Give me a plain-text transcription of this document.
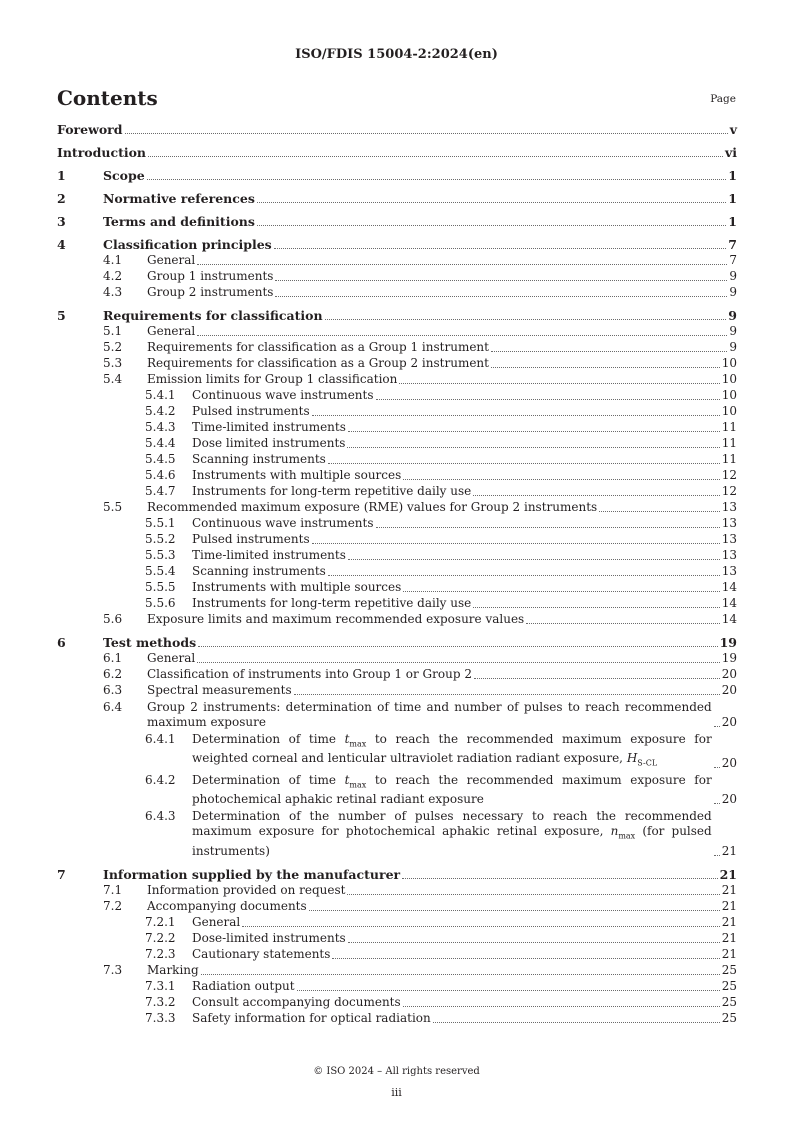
ISO/FDIS 15004-2:2024(en)
Contents	Page
Foreword	v
Introduction	vi
1	Scope	1
2	Normative references	1
3	Terms and definitions	1
4	Classification principles	7
4.1 General	7
4.2 Group 1 instruments	9
4.3 Group 2 instruments	9
5	Requirements for classification	9
5.1 General	9
5.2 Requirements for classification as a Group 1 instrument	9
5.3 Requirements for classification as a Group 2 instrument	10
5.4 Emission limits for Group 1 classification	10
5.4.1 Continuous wave instruments	10
5.4.2 Pulsed instruments	10
5.4.3 Time-limited instruments	11
5.4.4 Dose limited instruments	11
5.4.5 Scanning instruments	11
5.4.6 Instruments with multiple sources	12
5.4.7 Instruments for long-term repetitive daily use	12
5.5 Recommended maximum exposure (RME) values for Group 2 instruments	13
5.5.1 Continuous wave instruments	13
5.5.2 Pulsed instruments	13
5.5.3 Time-limited instruments	13
5.5.4 Scanning instruments	13
5.5.5 Instruments with multiple sources	14
5.5.6 Instruments for long-term repetitive daily use	14
5.6 Exposure limits and maximum recommended exposure values	14
6	Test methods	19
6.1 General	19
6.2 Classification of instruments into Group 1 or Group 2	20
6.3 Spectral measurements	20
6.4 Group 2 instruments: determination of time and number of pulses to reach recommended maximum exposure	20
6.4.1 Determination of time $t_{max}$ to reach the recommended maximum exposure for weighted corneal and lenticular ultraviolet radiation radiant exposure, $H_{S-CL}$	20
6.4.2 Determination of time $t_{max}$ to reach the recommended maximum exposure for photochemical aphakic retinal radiant exposure	20
6.4.3 Determination of the number of pulses necessary to reach the recommended maximum exposure for photochemical aphakic retinal exposure, $n_{max}$ (for pulsed instruments)	21
7	Information supplied by the manufacturer	21
7.1 Information provided on request	21
7.2 Accompanying documents	21
7.2.1 General	21
7.2.2 Dose-limited instruments	21
7.2.3 Cautionary statements	21
7.3 Marking	25
7.3.1 Radiation output	25
7.3.2 Consult accompanying documents	25
7.3.3 Safety information for optical radiation	25
© ISO 2024 – All rights reserved
iii
